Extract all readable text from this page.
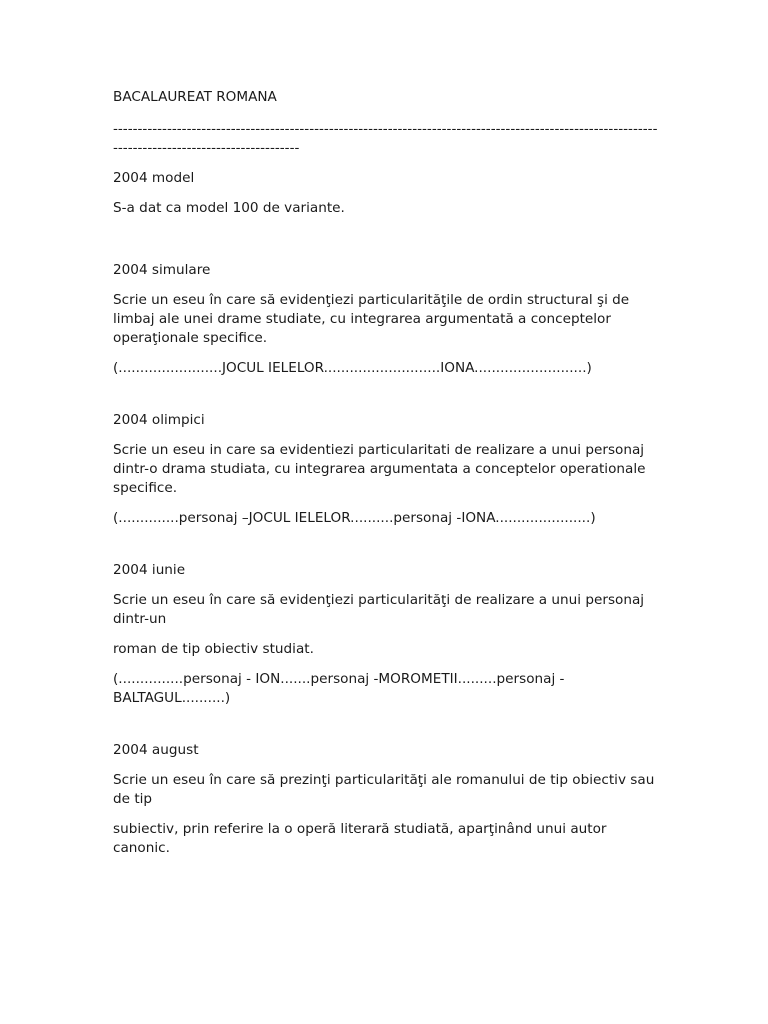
BACALAUREAT ROMANA

-----------------------------------------------------------------------------------------------------------------------------------------------------

2004 model

S-a dat ca model 100 de variante.

2004 simulare

Scrie un eseu în care să evidenţiezi particularităţile de ordin structural şi de limbaj ale unei drame studiate, cu integrarea argumentată a conceptelor operaţionale specifice.

(........................JOCUL IELELOR...........................IONA..........................)

2004 olimpici

Scrie un eseu in care sa evidentiezi particularitati de realizare a unui personaj dintr-o drama studiata, cu integrarea argumentata a conceptelor operationale specifice.

(..............personaj –JOCUL IELELOR..........personaj -IONA......................)

2004 iunie

Scrie un eseu în care să evidenţiezi particularităţi de realizare a unui personaj dintr-un

roman de tip obiectiv studiat.

(...............personaj - ION.......personaj -MOROMETII.........personaj -BALTAGUL..........)

2004 august

Scrie un eseu în care să prezinţi particularităţi ale romanului de tip obiectiv sau de tip

subiectiv, prin referire la o operă literară studiată, aparţinând unui autor canonic.
